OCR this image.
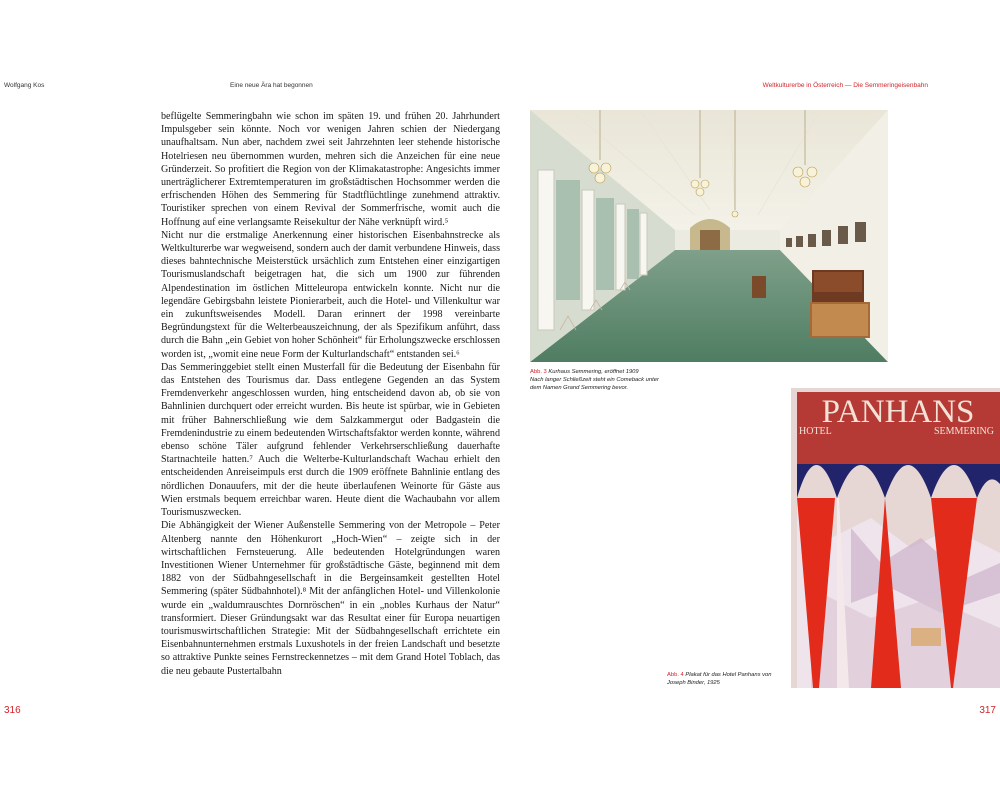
Wolfgang Kos	Eine neue Ära hat begonnen	Weltkulturerbe in Österreich — Die Semmeringeisenbahn

beflügelte Semmeringbahn wie schon im späten 19. und frühen 20. Jahrhundert Impulsgeber sein könnte. Noch vor wenigen Jahren schien der Niedergang unaufhaltsam. Nun aber, nachdem zwei seit Jahrzehnten leer stehende historische Hotelriesen neu übernommen wurden, mehren sich die Anzeichen für eine neue Gründerzeit. So profitiert die Region von der Klimakatastrophe: Angesichts immer unerträglicherer Extremtemperaturen im großstädtischen Hochsommer werden die erfrischenden Höhen des Semmering für Stadtflüchtlinge zunehmend attraktiv. Touristiker sprechen von einem Revival der Sommerfrische, womit auch die Hoffnung auf eine verlangsamte Reisekultur der Nähe verknüpft wird.⁵

Nicht nur die erstmalige Anerkennung einer historischen Eisenbahnstrecke als Weltkulturerbe war wegweisend, sondern auch der damit verbundene Hinweis, dass dieses bahntechnische Meisterstück ursächlich zum Entstehen einer einzigartigen Tourismuslandschaft beigetragen hat, die sich um 1900 zur führenden Alpendestination im östlichen Mitteleuropa entwickeln konnte. Nicht nur die legendäre Gebirgsbahn leistete Pionierarbeit, auch die Hotel- und Villenkultur war ein zukunftsweisendes Modell. Daran erinnert der 1998 vereinbarte Begründungstext für die Welterbeauszeichnung, der als Spezifikum anführt, dass durch die Bahn „ein Gebiet von hoher Schönheit“ für Erholungszwecke erschlossen worden ist, „womit eine neue Form der Kulturlandschaft“ entstanden sei.⁶

Das Semmeringgebiet stellt einen Musterfall für die Bedeutung der Eisenbahn für das Entstehen des Tourismus dar. Dass entlegene Gegenden an das System Fremdenverkehr angeschlossen wurden, hing entscheidend davon ab, ob sie von Bahnlinien durchquert oder erreicht wurden. Bis heute ist spürbar, wie in Gebieten mit früher Bahnerschließung wie dem Salzkammergut oder Badgastein die Fremdenindustrie zu einem bedeutenden Wirtschaftsfaktor werden konnte, während ebenso schöne Täler aufgrund fehlender Verkehrserschließung dauerhafte Startnachteile hatten.⁷ Auch die Welterbe-Kulturlandschaft Wachau erhielt den entscheidenden Anreiseimpuls erst durch die 1909 eröffnete Bahnlinie entlang des nördlichen Donauufers, mit der die heute überlaufenen Weinorte für Gäste aus Wien erstmals bequem erreichbar waren. Heute dient die Wachaubahn vor allem Tourismuszwecken.

Die Abhängigkeit der Wiener Außenstelle Semmering von der Metropole – Peter Altenberg nannte den Höhenkurort „Hoch-Wien“ – zeigte sich in der wirtschaftlichen Fernsteuerung. Alle bedeutenden Hotelgründungen waren Investitionen Wiener Unternehmer für großstädtische Gäste, beginnend mit dem 1882 von der Südbahngesellschaft in die Bergeinsamkeit gestellten Hotel Semmering (später Südbahnhotel).⁸ Mit der anfänglichen Hotel- und Villenkolonie wurde ein „waldumrauschtes Dornröschen“ in ein „nobles Kurhaus der Natur“ transformiert. Dieser Gründungsakt war das Resultat einer für Europa neuartigen tourismuswirtschaftlichen Strategie: Mit der Südbahngesellschaft errichtete ein Eisenbahnunternehmen erstmals Luxushotels in der freien Landschaft und besetzte so attraktive Punkte seines Fernstreckennetzes – mit dem Grand Hotel Toblach, das die neu gebaute Pustertalbahn

Abb. 3 Kurhaus Semmering, eröffnet 1909
Nach langer Schließzeit steht ein Comeback unter
dem Namen Grand Semmering bevor.
PANHANS
HOTEL	SEMMERING
Abb. 4 Plakat für das Hotel Panhans von
Joseph Binder, 1925
316	317
